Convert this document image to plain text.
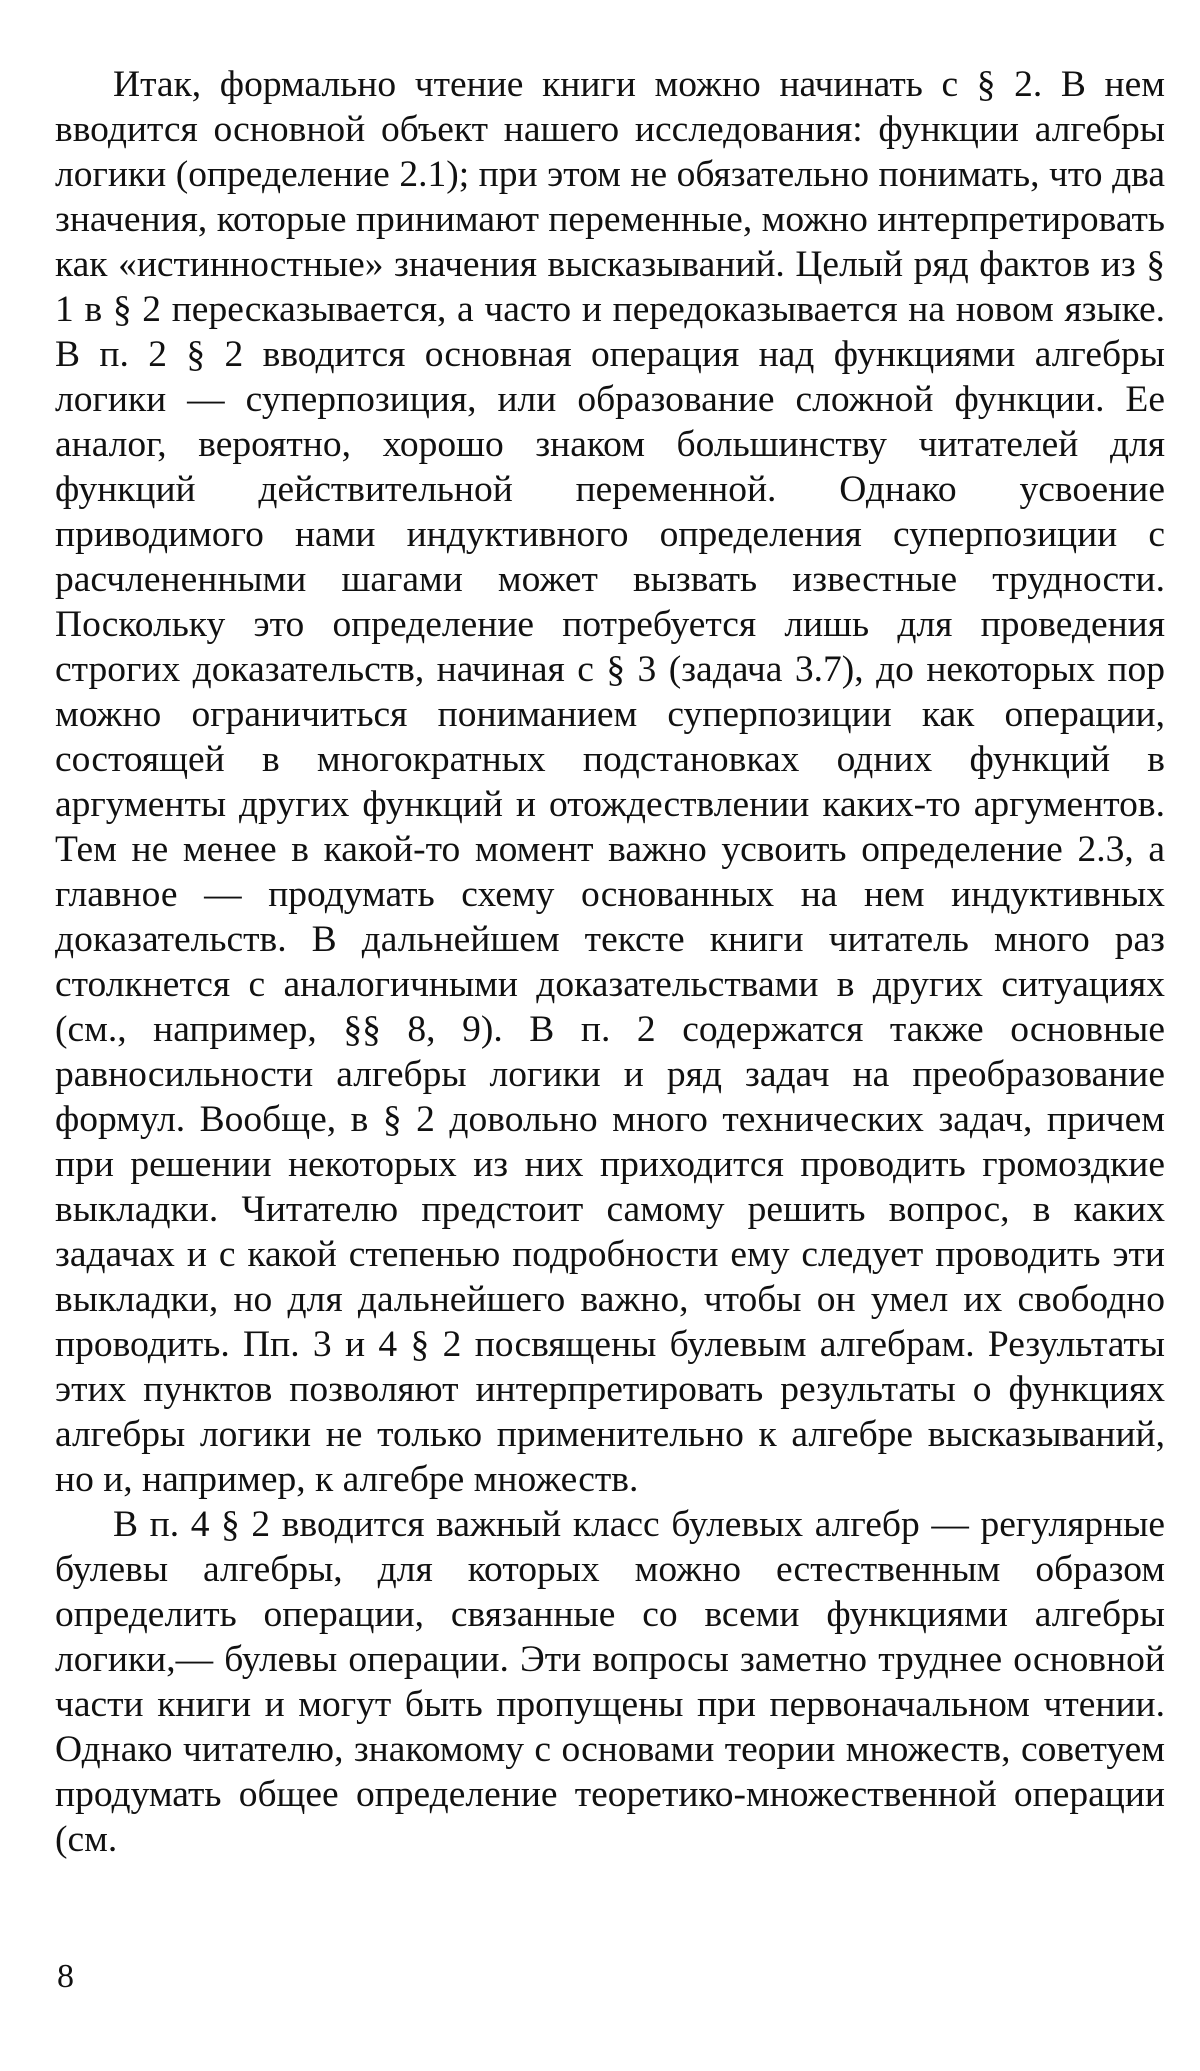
Итак, формально чтение книги можно начинать с § 2. В нем вводится основной объект нашего исследования: функции алгебры логики (определение 2.1); при этом не обязательно понимать, что два значения, которые принимают переменные, можно интерпретировать как «истинностные» значения высказываний. Целый ряд фактов из § 1 в § 2 пересказывается, а часто и передоказывается на новом языке. В п. 2 § 2 вводится основная операция над функциями алгебры логики — суперпозиция, или образование сложной функции. Ее аналог, вероятно, хорошо знаком большинству читателей для функций действительной переменной. Однако усвоение приводимого нами индуктивного определения суперпозиции с расчлененными шагами может вызвать известные трудности. Поскольку это определение потребуется лишь для проведения строгих доказательств, начиная с § 3 (задача 3.7), до некоторых пор можно ограничиться пониманием суперпозиции как операции, состоящей в многократных подстановках одних функций в аргументы других функций и отождествлении каких-то аргументов. Тем не менее в какой-то момент важно усвоить определение 2.3, а главное — продумать схему основанных на нем индуктивных доказательств. В дальнейшем тексте книги читатель много раз столкнется с аналогичными доказательствами в других ситуациях (см., например, §§ 8, 9). В п. 2 содержатся также основные равносильности алгебры логики и ряд задач на преобразование формул. Вообще, в § 2 довольно много технических задач, причем при решении некоторых из них приходится проводить громоздкие выкладки. Читателю предстоит самому решить вопрос, в каких задачах и с какой степенью подробности ему следует проводить эти выкладки, но для дальнейшего важно, чтобы он умел их свободно проводить. Пп. 3 и 4 § 2 посвящены булевым алгебрам. Результаты этих пунктов позволяют интерпретировать результаты о функциях алгебры логики не только применительно к алгебре высказываний, но и, например, к алгебре множеств.

В п. 4 § 2 вводится важный класс булевых алгебр — регулярные булевы алгебры, для которых можно естественным образом определить операции, связанные со всеми функциями алгебры логики,— булевы операции. Эти вопросы заметно труднее основной части книги и могут быть пропущены при первоначальном чтении. Однако читателю, знакомому с основами теории множеств, советуем продумать общее определение теоретико-множественной операции (см.

8
